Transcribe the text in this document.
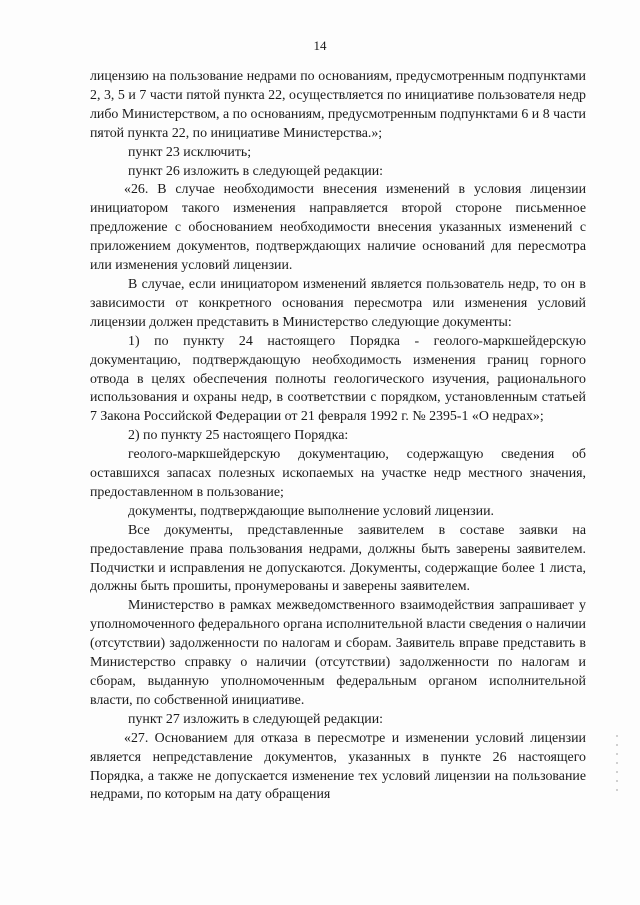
14

лицензию на пользование недрами по основаниям, предусмотренным подпунктами 2, 3, 5 и 7 части пятой пункта 22, осуществляется по инициативе пользователя недр либо Министерством, а по основаниям, предусмотренным подпунктами 6 и 8 части пятой пункта 22, по инициативе Министерства.»;

пункт 23 исключить;

пункт 26 изложить в следующей редакции:

«26. В случае необходимости внесения изменений в условия лицензии инициатором такого изменения направляется второй стороне письменное предложение с обоснованием необходимости внесения указанных изменений с приложением документов, подтверждающих наличие оснований для пересмотра или изменения условий лицензии.

В случае, если инициатором изменений является пользователь недр, то он в зависимости от конкретного основания пересмотра или изменения условий лицензии должен представить в Министерство следующие документы:

1) по пункту 24 настоящего Порядка - геолого-маркшейдерскую документацию, подтверждающую необходимость изменения границ горного отвода в целях обеспечения полноты геологического изучения, рационального использования и охраны недр, в соответствии с порядком, установленным статьей 7 Закона Российской Федерации от 21 февраля 1992 г. № 2395-1 «О недрах»;

2) по пункту 25 настоящего Порядка:

геолого-маркшейдерскую документацию, содержащую сведения об оставшихся запасах полезных ископаемых на участке недр местного значения, предоставленном в пользование;

документы, подтверждающие выполнение условий лицензии.

Все документы, представленные заявителем в составе заявки на предоставление права пользования недрами, должны быть заверены заявителем. Подчистки и исправления не допускаются. Документы, содержащие более 1 листа, должны быть прошиты, пронумерованы и заверены заявителем.

Министерство в рамках межведомственного взаимодействия запрашивает у уполномоченного федерального органа исполнительной власти сведения о наличии (отсутствии) задолженности по налогам и сборам. Заявитель вправе представить в Министерство справку о наличии (отсутствии) задолженности по налогам и сборам, выданную уполномоченным федеральным органом исполнительной власти, по собственной инициативе.

пункт 27 изложить в следующей редакции:

«27. Основанием для отказа в пересмотре и изменении условий лицензии является непредставление документов, указанных в пункте 26 настоящего Порядка, а также не допускается изменение тех условий лицензии на пользование недрами, по которым на дату обращения
